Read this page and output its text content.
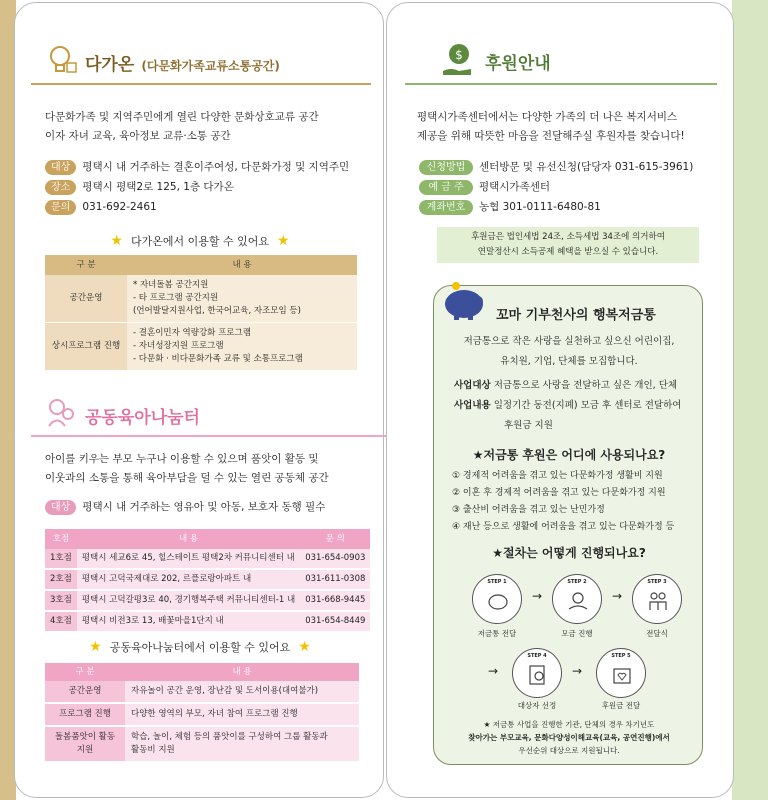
다가온 (다문화가족교류소통공간)
다문화가족 및 지역주민에게 열린 다양한 문화상호교류 공간
이자 자녀 교육, 육아정보 교류·소통 공간
대상	평택시 내 거주하는 결혼이주여성, 다문화가정 및 지역주민
장소	평택시 평택2로 125, 1층 다가온
문의	031-692-2461
★ 다가온에서 이용할 수 있어요 ★
구 분	내 용
공간운영	* 자녀돌봄 공간지원
- 타 프로그램 공간지원
(언어발달지원사업, 한국어교육, 자조모임 등)

상시프로그램 진행	- 결혼이민자 역량강화 프로그램
- 자녀성장지원 프로그램
- 다문화 · 비다문화가족 교류 및 소통프로그램
공동육아나눔터
아이를 키우는 부모 누구나 이용할 수 있으며 품앗이 활동 및
이웃과의 소통을 통해 육아부담을 덜 수 있는 열린 공동체 공간
대상	평택시 내 거주하는 영유아 및 아동, 보호자 동행 필수
호점	내 용	문 의
1호점	평택시 세교6로 45, 힐스테이트 평택2차 커뮤니티센터 내	031-654-0903
2호점	평택시 고덕국제대로 202, 르플로랑아파트 내	031-611-0308
3호점	평택시 고덕갈평3로 40, 경기행복주택 커뮤니티센터-1 내	031-668-9445
4호점	평택시 비전3로 13, 배꽃마을1단지 내	031-654-8449
★ 공동육아나눔터에서 이용할 수 있어요 ★
구 분	내 용
공간운영	자유놀이 공간 운영, 장난감 및 도서이용(대여불가)

프로그램 진행	다양한 영역의 부모, 자녀 참여 프로그램 진행

돌봄품앗이 활동지원	학습, 놀이, 체험 등의 품앗이를 구성하여 그룹 활동과
활동비 지원
$ 후원안내
평택시가족센터에서는 다양한 가족의 더 나은 복지서비스
제공을 위해 따뜻한 마음을 전달해주실 후원자를 찾습니다!
신청방법	센터방문 및 유선신청(담당자 031-615-3961)
예 금 주	평택시가족센터
계좌번호	농협 301-0111-6480-81
후원금은 법인세법 24조, 소득세법 34조에 의거하여
연말정산시 소득공제 혜택을 받으실 수 있습니다.
꼬마 기부천사의 행복저금통
저금통으로 작은 사랑을 실천하고 싶으신 어린이집,
유치원, 기업, 단체를 모집합니다.
사업대상 저금통으로 사랑을 전달하고 싶은 개인, 단체
사업내용 일정기간 동전(지폐) 모금 후 센터로 전달하여
후원금 지원
★저금통 후원은 어디에 사용되나요?
① 경제적 어려움을 겪고 있는 다문화가정 생활비 지원
② 이혼 후 경제적 어려움을 겪고 있는 다문화가정 지원
③ 출산비 어려움을 겪고 있는 난민가정
④ 재난 등으로 생활에 어려움을 겪고 있는 다문화가정 등
★절차는 어떻게 진행되나요?
STEP 1
저금통 전달
→
STEP 2
모금 진행
→
STEP 3
전달식
→
STEP 4
대상자 선정
→
STEP 5
후원금 전달
★ 저금통 사업을 진행한 기관, 단체의 경우 차기년도
찾아가는 부모교육, 문화다양성이해교육(교육, 공연진행)에서
우선순위 대상으로 지원됩니다.
